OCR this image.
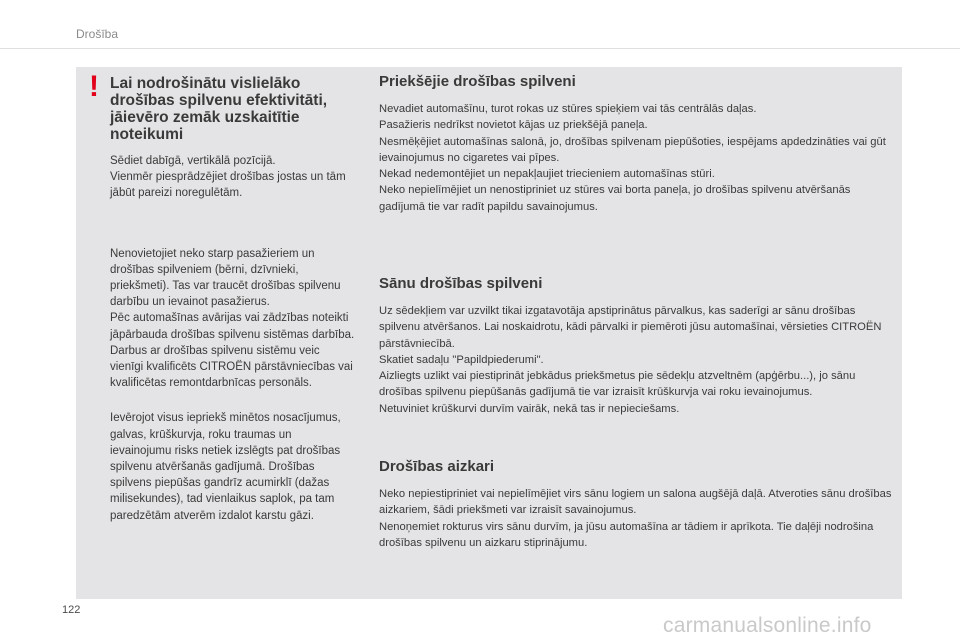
Drošība
! Lai nodrošinātu vislielāko drošības spilvenu efektivitāti, jāievēro zemāk uzskaitītie noteikumi

Sēdiet dabīgā, vertikālā pozīcijā.
Vienmēr piesprādzējiet drošības jostas un tām jābūt pareizi noregulētām.

Nenovietojiet neko starp pasažieriem un drošības spilveniem (bērni, dzīvnieki, priekšmeti). Tas var traucēt drošības spilvenu darbību un ievainot pasažierus.
Pēc automašīnas avārijas vai zādzības noteikti jāpārbauda drošības spilvenu sistēmas darbība.
Darbus ar drošības spilvenu sistēmu veic vienīgi kvalificēts CITROËN pārstāvniecības vai kvalificētas remontdarbnīcas personāls.

Ievērojot visus iepriekš minētos nosacījumus, galvas, krūškurvja, roku traumas un ievainojumu risks netiek izslēgts pat drošības spilvenu atvēršanās gadījumā. Drošības spilvens piepūšas gandrīz acumirklī (dažas milisekundes), tad vienlaikus saplok, pa tam paredzētām atverēm izdalot karstu gāzi.

Priekšējie drošības spilveni

Nevadiet automašīnu, turot rokas uz stūres spieķiem vai tās centrālās daļas.
Pasažieris nedrīkst novietot kājas uz priekšējā paneļa.
Nesmēķējiet automašīnas salonā, jo, drošības spilvenam piepūšoties, iespējams apdedzināties vai gūt ievainojumus no cigaretes vai pīpes.
Nekad nedemontējiet un nepakļaujiet triecieniem automašīnas stūri.
Neko nepielīmējiet un nenostipriniet uz stūres vai borta paneļa, jo drošības spilvenu atvēršanās gadījumā tie var radīt papildu savainojumus.

Sānu drošības spilveni

Uz sēdekļiem var uzvilkt tikai izgatavotāja apstiprinātus pārvalkus, kas saderīgi ar sānu drošības spilvenu atvēršanos. Lai noskaidrotu, kādi pārvalki ir piemēroti jūsu automašīnai, vērsieties CITROËN pārstāvniecībā.
Skatiet sadaļu "Papildpiederumi".
Aizliegts uzlikt vai piestiprināt jebkādus priekšmetus pie sēdekļu atzveltnēm (apģērbu...), jo sānu drošības spilvenu piepūšanās gadījumā tie var izraisīt krūškurvja vai roku ievainojumus.
Netuviniet krūškurvi durvīm vairāk, nekā tas ir nepieciešams.

Drošības aizkari

Neko nepiestipriniet vai nepielīmējiet virs sānu logiem un salona augšējā daļā. Atveroties sānu drošības aizkariem, šādi priekšmeti var izraisīt savainojumus.
Nenoņemiet rokturus virs sānu durvīm, ja jūsu automašīna ar tādiem ir aprīkota. Tie daļēji nodrošina drošības spilvenu un aizkaru stiprinājumu.

122
carmanualsonline.info
